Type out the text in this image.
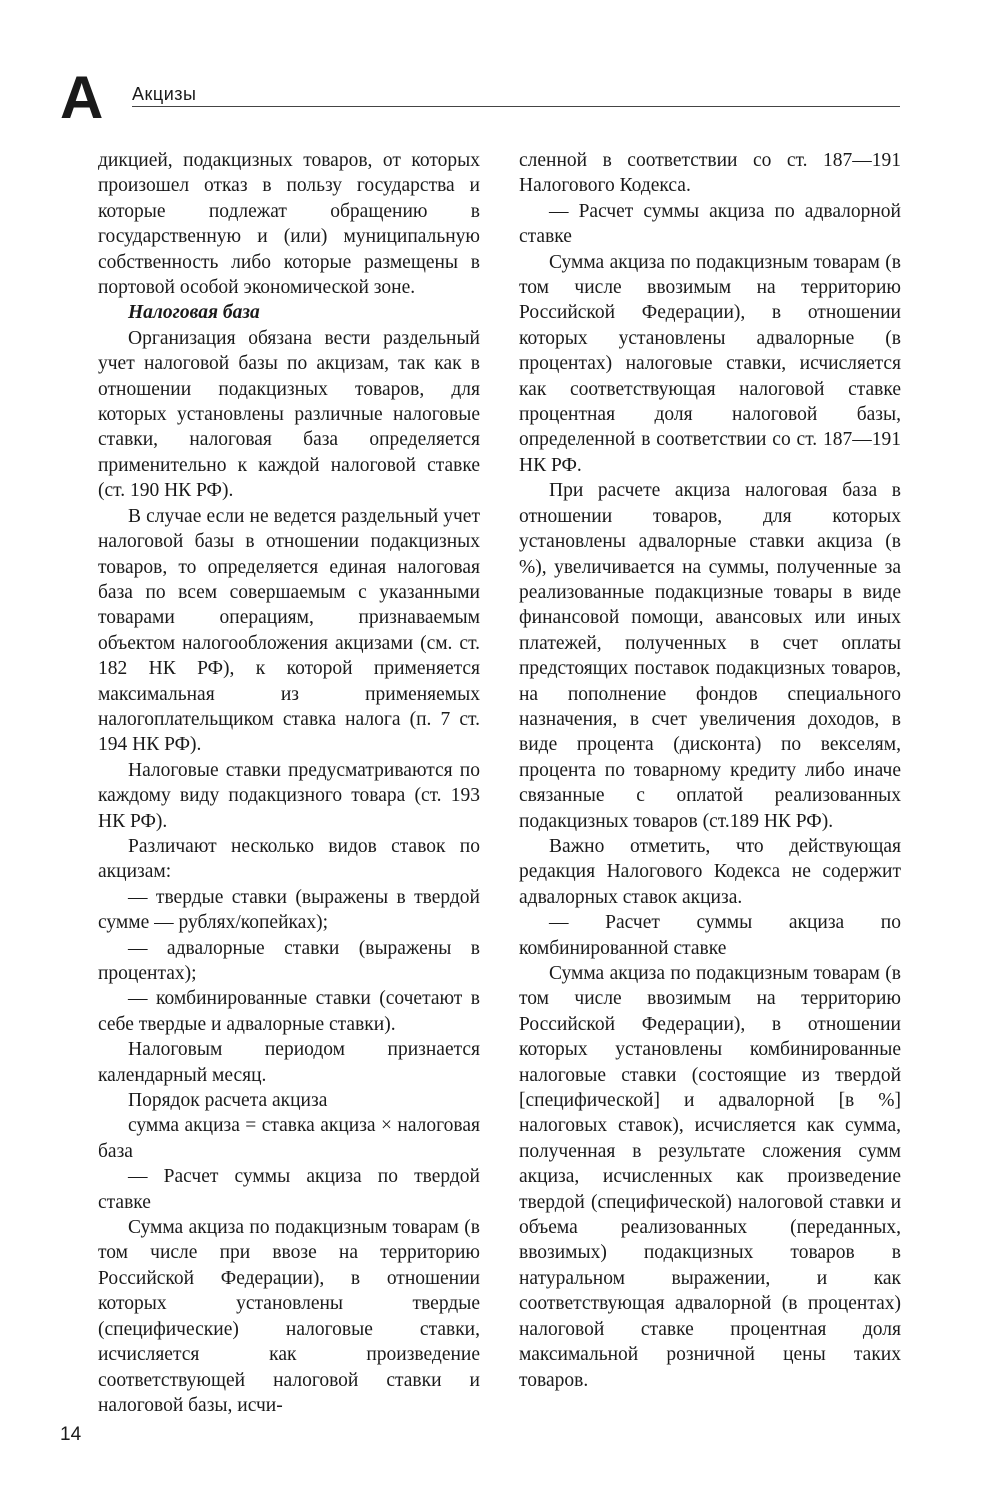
А Акцизы

дикцией, подакцизных товаров, от которых произошел отказ в пользу государства и которые подлежат обращению в государственную и (или) муниципальную собственность либо которые размещены в портовой особой экономической зоне.

Налоговая база

Организация обязана вести раздельный учет налоговой базы по акцизам, так как в отношении подакцизных товаров, для которых установлены различные налоговые ставки, налоговая база определяется применительно к каждой налоговой ставке (ст. 190 НК РФ).

В случае если не ведется раздельный учет налоговой базы в отношении подакцизных товаров, то определяется единая налоговая база по всем совершаемым с указанными товарами операциям, признаваемым объектом налогообложения акцизами (см. ст. 182 НК РФ), к которой применяется максимальная из применяемых налогоплательщиком ставка налога (п. 7 ст. 194 НК РФ).

Налоговые ставки предусматриваются по каждому виду подакцизного товара (ст. 193 НК РФ).

Различают несколько видов ставок по акцизам:

— твердые ставки (выражены в твердой сумме — рублях/копейках);

— адвалорные ставки (выражены в процентах);

— комбинированные ставки (сочетают в себе твердые и адвалорные ставки).

Налоговым периодом признается календарный месяц.

Порядок расчета акциза

сумма акциза = ставка акциза × налоговая база

— Расчет суммы акциза по твердой ставке

Сумма акциза по подакцизным товарам (в том числе при ввозе на территорию Российской Федерации), в отношении которых установлены твердые (специфические) налоговые ставки, исчисляется как произведение соответствующей налоговой ставки и налоговой базы, исчи-

сленной в соответствии со ст. 187—191 Налогового Кодекса.

— Расчет суммы акциза по адвалорной ставке

Сумма акциза по подакцизным товарам (в том числе ввозимым на территорию Российской Федерации), в отношении которых установлены адвалорные (в процентах) налоговые ставки, исчисляется как соответствующая налоговой ставке процентная доля налоговой базы, определенной в соответствии со ст. 187—191 НК РФ.

При расчете акциза налоговая база в отношении товаров, для которых установлены адвалорные ставки акциза (в %), увеличивается на суммы, полученные за реализованные подакцизные товары в виде финансовой помощи, авансовых или иных платежей, полученных в счет оплаты предстоящих поставок подакцизных товаров, на пополнение фондов специального назначения, в счет увеличения доходов, в виде процента (дисконта) по векселям, процента по товарному кредиту либо иначе связанные с оплатой реализованных подакцизных товаров (ст.189 НК РФ).

Важно отметить, что действующая редакция Налогового Кодекса не содержит адвалорных ставок акциза.

— Расчет суммы акциза по комбинированной ставке

Сумма акциза по подакцизным товарам (в том числе ввозимым на территорию Российской Федерации), в отношении которых установлены комбинированные налоговые ставки (состоящие из твердой [специфической] и адвалорной [в %] налоговых ставок), исчисляется как сумма, полученная в результате сложения сумм акциза, исчисленных как произведение твердой (специфической) налоговой ставки и объема реализованных (переданных, ввозимых) подакцизных товаров в натуральном выражении, и как соответствующая адвалорной (в процентах) налоговой ставке процентная доля максимальной розничной цены таких товаров.

14
